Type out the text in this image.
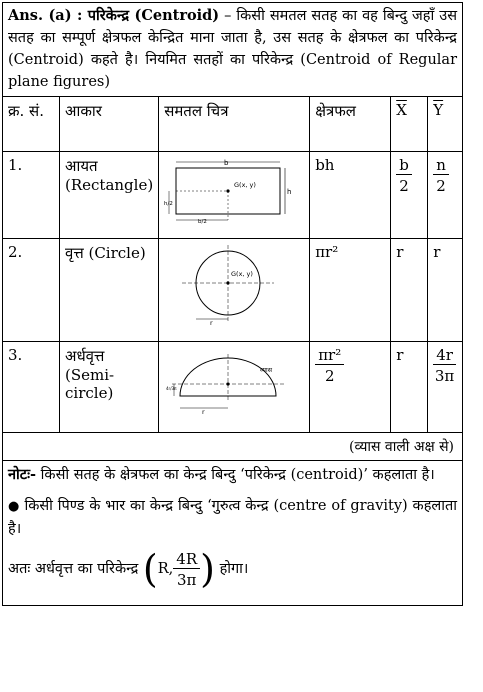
Ans. (a) : परिकेन्द्र (Centroid) – किसी समतल सतह का वह बिन्दु जहाँ उस सतह का सम्पूर्ण क्षेत्रफल केन्द्रित माना जाता है, उस सतह के क्षेत्रफल का परिकेन्द्र (Centroid) कहते है। नियमित सतहों का परिकेन्द्र (Centroid of Regular plane figures)
क्र. सं.	आकार	समतल चित्र	क्षेत्रफल	$\overline{X}$	$\overline{Y}$
1.	आयत (Rectangle)	b
h
G(x, y)
h/2
b/2	bh	$\frac{b}{2}$	$\frac{n}{2}$

2.	वृत्त (Circle)	G(x, y)
r	πr²	r	r
3.	अर्धवृत्त (Semi-circle)	व्यास
4r/3π
r	$\frac{\text{πr²}}{2}$	r	$\frac{4r}{3\pi}$
(व्यास वाली अक्ष से)

नोटः- किसी सतह के क्षेत्रफल का केन्द्र बिन्दु ‘परिकेन्द्र (centroid)’ कहलाता है।

● किसी पिण्ड के भार का केन्द्र बिन्दु ‘गुरुत्व केन्द्र (centre of gravity) कहलाता है।

अतः अर्धवृत्त का परिकेन्द्र ( R, $\frac{4R}{3\pi}$ ) होगा।
